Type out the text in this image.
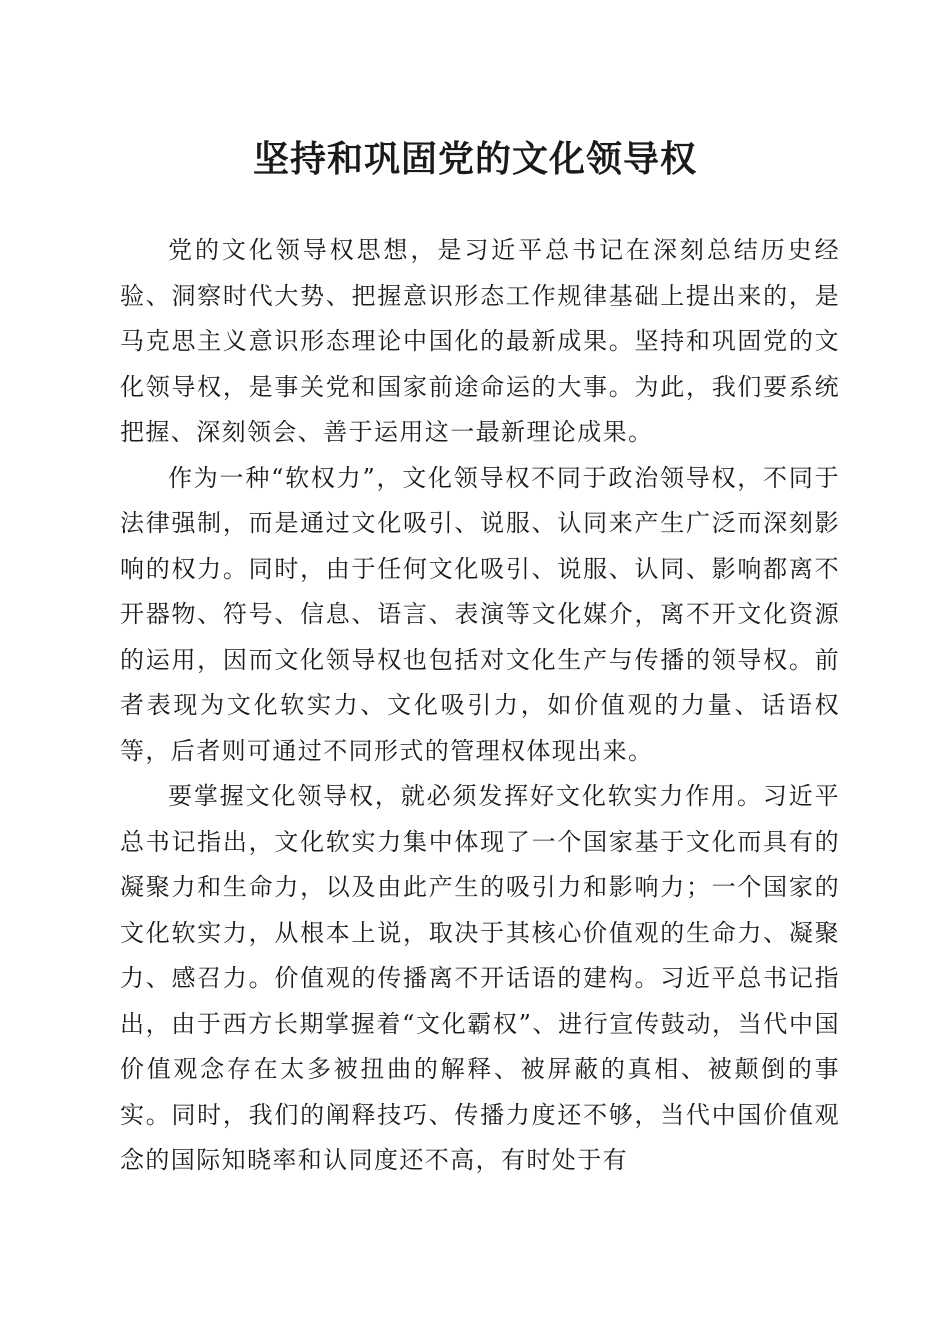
坚持和巩固党的文化领导权

党的文化领导权思想，是习近平总书记在深刻总结历史经验、洞察时代大势、把握意识形态工作规律基础上提出来的，是马克思主义意识形态理论中国化的最新成果。坚持和巩固党的文化领导权，是事关党和国家前途命运的大事。为此，我们要系统把握、深刻领会、善于运用这一最新理论成果。

作为一种“软权力”，文化领导权不同于政治领导权，不同于法律强制，而是通过文化吸引、说服、认同来产生广泛而深刻影响的权力。同时，由于任何文化吸引、说服、认同、影响都离不开器物、符号、信息、语言、表演等文化媒介，离不开文化资源的运用，因而文化领导权也包括对文化生产与传播的领导权。前者表现为文化软实力、文化吸引力，如价值观的力量、话语权等，后者则可通过不同形式的管理权体现出来。

要掌握文化领导权，就必须发挥好文化软实力作用。习近平总书记指出，文化软实力集中体现了一个国家基于文化而具有的凝聚力和生命力，以及由此产生的吸引力和影响力；一个国家的文化软实力，从根本上说，取决于其核心价值观的生命力、凝聚力、感召力。价值观的传播离不开话语的建构。习近平总书记指出，由于西方长期掌握着“文化霸权”、进行宣传鼓动，当代中国价值观念存在太多被扭曲的解释、被屏蔽的真相、被颠倒的事实。同时，我们的阐释技巧、传播力度还不够，当代中国价值观念的国际知晓率和认同度还不高，有时处于有
